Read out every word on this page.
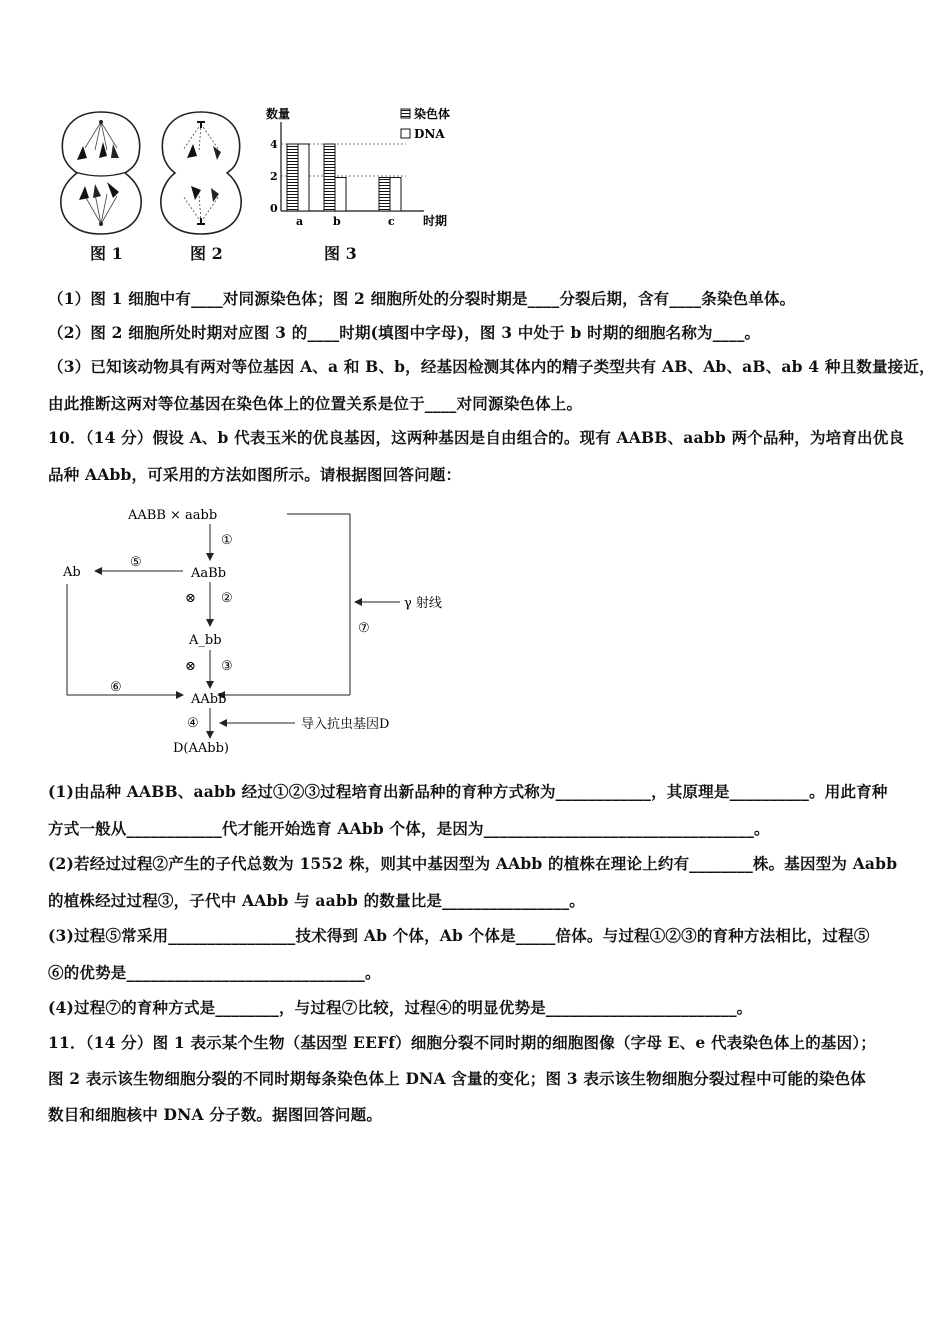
图 1	图 2	图 3
数量
4
2
0
a	b	c 时期
染色体
DNA
（1）图 1 细胞中有____对同源染色体；图 2 细胞所处的分裂时期是____分裂后期，含有____条染色单体。
（2）图 2 细胞所处时期对应图 3 的____时期(填图中字母)，图 3 中处于 b 时期的细胞名称为____。
（3）已知该动物具有两对等位基因 A、a 和 B、b，经基因检测其体内的精子类型共有 AB、Ab、aB、ab 4 种且数量接近，
由此推断这两对等位基因在染色体上的位置关系是位于____对同源染色体上。
10．（14 分）假设 A、b 代表玉米的优良基因，这两种基因是自由组合的。现有 AABB、aabb 两个品种，为培育出优良
品种 AAbb，可采用的方法如图所示。请根据图回答问题：
AABB × aabb
①
AaBb
⑤
Ab
⑥
⊗ ②
A_bb
⊗ ③
AAbb
γ 射线
⑦
④	导入抗虫基因D
D(AAbb)
(1)由品种 AABB、aabb 经过①②③过程培育出新品种的育种方式称为____________，其原理是__________。用此育种
方式一般从____________代才能开始选育 AAbb 个体，是因为__________________________________。
(2)若经过过程②产生的子代总数为 1552 株，则其中基因型为 AAbb 的植株在理论上约有________株。基因型为 Aabb
的植株经过过程③，子代中 AAbb 与 aabb 的数量比是________________。
(3)过程⑤常采用________________技术得到 Ab 个体，Ab 个体是_____倍体。与过程①②③的育种方法相比，过程⑤
⑥的优势是______________________________。
(4)过程⑦的育种方式是________，与过程⑦比较，过程④的明显优势是________________________。
11．（14 分）图 1 表示某个生物（基因型 EEFf）细胞分裂不同时期的细胞图像（字母 E、e 代表染色体上的基因）；
图 2 表示该生物细胞分裂的不同时期每条染色体上 DNA 含量的变化；图 3 表示该生物细胞分裂过程中可能的染色体
数目和细胞核中 DNA 分子数。据图回答问题。
